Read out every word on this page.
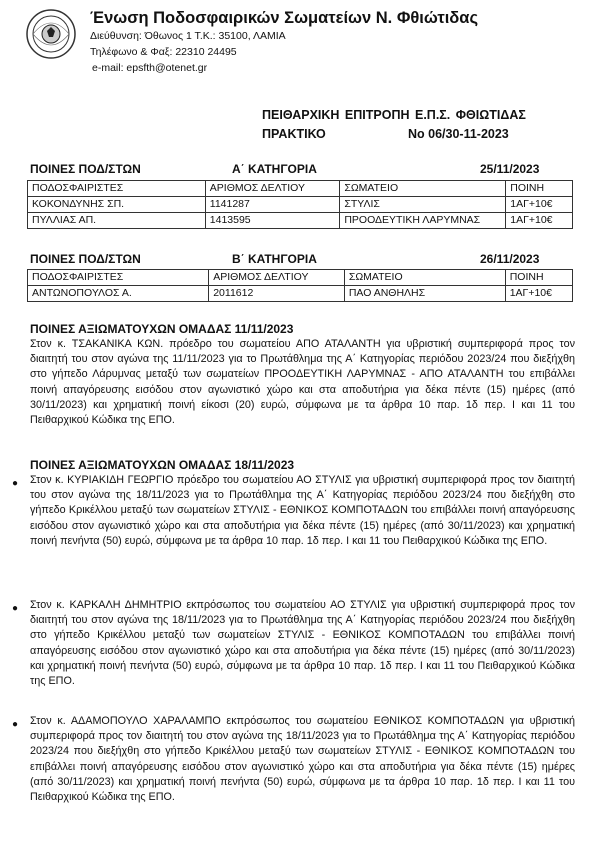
Ένωση Ποδοσφαιρικών Σωματείων Ν. Φθιώτιδας
Διεύθυνση: Όθωνος 1 Τ.Κ.: 35100, ΛΑΜΙΑ
Τηλέφωνο & Φαξ: 22310 24495
e-mail: epsfth@otenet.gr
ΠΕΙΘΑΡΧΙΚΗ ΕΠΙΤΡΟΠΗ Ε.Π.Σ. ΦΘΙΩΤΙΔΑΣ
ΠΡΑΚΤΙΚΟ	Νο 06/30-11-2023
ΠΟΙΝΕΣ ΠΟΔ/ΣΤΩΝ	Α΄ ΚΑΤΗΓΟΡΙΑ	25/11/2023
ΠΟΔΟΣΦΑΙΡΙΣΤΕΣ	ΑΡΙΘΜΟΣ ΔΕΛΤΙΟΥ	ΣΩΜΑΤΕΙΟ	ΠΟΙΝΗ
ΚΟΚΟΝΔΥΝΗΣ ΣΠ.	1141287	ΣΤΥΛΙΣ	1ΑΓ+10€
ΠΥΛΛΙΑΣ ΑΠ.	1413595	ΠΡΟΟΔΕΥΤΙΚΗ ΛΑΡΥΜΝΑΣ	1ΑΓ+10€
ΠΟΙΝΕΣ ΠΟΔ/ΣΤΩΝ	Β΄ ΚΑΤΗΓΟΡΙΑ	26/11/2023
ΠΟΔΟΣΦΑΙΡΙΣΤΕΣ	ΑΡΙΘΜΟΣ ΔΕΛΤΙΟΥ	ΣΩΜΑΤΕΙΟ	ΠΟΙΝΗ
ΑΝΤΩΝΟΠΟΥΛΟΣ Α.	2011612	ΠΑΟ ΑΝΘΗΛΗΣ	1ΑΓ+10€
ΠΟΙΝΕΣ ΑΞΙΩΜΑΤΟΥΧΩΝ ΟΜΑΔΑΣ 11/11/2023
Στον κ. ΤΣΑΚΑΝΙΚΑ ΚΩΝ. πρόεδρο του σωματείου ΑΠΟ ΑΤΑΛΑΝΤΗ για υβριστική συμπεριφορά προς τον διαιτητή του στον αγώνα της 11/11/2023 για το Πρωτάθλημα της Α΄ Κατηγορίας περιόδου 2023/24 που διεξήχθη στο γήπεδο Λάρυμνας μεταξύ των σωματείων ΠΡΟΟΔΕΥΤΙΚΗ ΛΑΡΥΜΝΑΣ - ΑΠΟ ΑΤΑΛΑΝΤΗ του επιβάλλει ποινή απαγόρευσης εισόδου στον αγωνιστικό χώρο και στα αποδυτήρια για δέκα πέντε (15) ημέρες (από 30/11/2023) και χρηματική ποινή είκοσι (20) ευρώ, σύμφωνα με τα άρθρα 10 παρ. 1δ περ. Ι και 11 του Πειθαρχικού Κώδικα της ΕΠΟ.
ΠΟΙΝΕΣ ΑΞΙΩΜΑΤΟΥΧΩΝ ΟΜΑΔΑΣ 18/11/2023
● Στον κ. ΚΥΡΙΑΚΙΔΗ ΓΕΩΡΓΙΟ πρόεδρο του σωματείου ΑΟ ΣΤΥΛΙΣ για υβριστική συμπεριφορά προς τον διαιτητή του στον αγώνα της 18/11/2023 για το Πρωτάθλημα της Α΄ Κατηγορίας περιόδου 2023/24 που διεξήχθη στο γήπεδο Κρικέλλου μεταξύ των σωματείων ΣΤΥΛΙΣ - ΕΘΝΙΚΟΣ ΚΟΜΠΟΤΑΔΩΝ του επιβάλλει ποινή απαγόρευσης εισόδου στον αγωνιστικό χώρο και στα αποδυτήρια για δέκα πέντε (15) ημέρες (από 30/11/2023) και χρηματική ποινή πενήντα (50) ευρώ, σύμφωνα με τα άρθρα 10 παρ. 1δ περ. Ι και 11 του Πειθαρχικού Κώδικα της ΕΠΟ.
● Στον κ. ΚΑΡΚΑΛΗ ΔΗΜΗΤΡΙΟ εκπρόσωπος του σωματείου ΑΟ ΣΤΥΛΙΣ για υβριστική συμπεριφορά προς τον διαιτητή του στον αγώνα της 18/11/2023 για το Πρωτάθλημα της Α΄ Κατηγορίας περιόδου 2023/24 που διεξήχθη στο γήπεδο Κρικέλλου μεταξύ των σωματείων ΣΤΥΛΙΣ - ΕΘΝΙΚΟΣ ΚΟΜΠΟΤΑΔΩΝ του επιβάλλει ποινή απαγόρευσης εισόδου στον αγωνιστικό χώρο και στα αποδυτήρια για δέκα πέντε (15) ημέρες (από 30/11/2023) και χρηματική ποινή πενήντα (50) ευρώ, σύμφωνα με τα άρθρα 10 παρ. 1δ περ. Ι και 11 του Πειθαρχικού Κώδικα της ΕΠΟ.
● Στον κ. ΑΔΑΜΟΠΟΥΛΟ ΧΑΡΑΛΑΜΠΟ εκπρόσωπος του σωματείου ΕΘΝΙΚΟΣ ΚΟΜΠΟΤΑΔΩΝ για υβριστική συμπεριφορά προς τον διαιτητή του στον αγώνα της 18/11/2023 για το Πρωτάθλημα της Α΄ Κατηγορίας περιόδου 2023/24 που διεξήχθη στο γήπεδο Κρικέλλου μεταξύ των σωματείων ΣΤΥΛΙΣ - ΕΘΝΙΚΟΣ ΚΟΜΠΟΤΑΔΩΝ του επιβάλλει ποινή απαγόρευσης εισόδου στον αγωνιστικό χώρο και στα αποδυτήρια για δέκα πέντε (15) ημέρες (από 30/11/2023) και χρηματική ποινή πενήντα (50) ευρώ, σύμφωνα με τα άρθρα 10 παρ. 1δ περ. Ι και 11 του Πειθαρχικού Κώδικα της ΕΠΟ.
